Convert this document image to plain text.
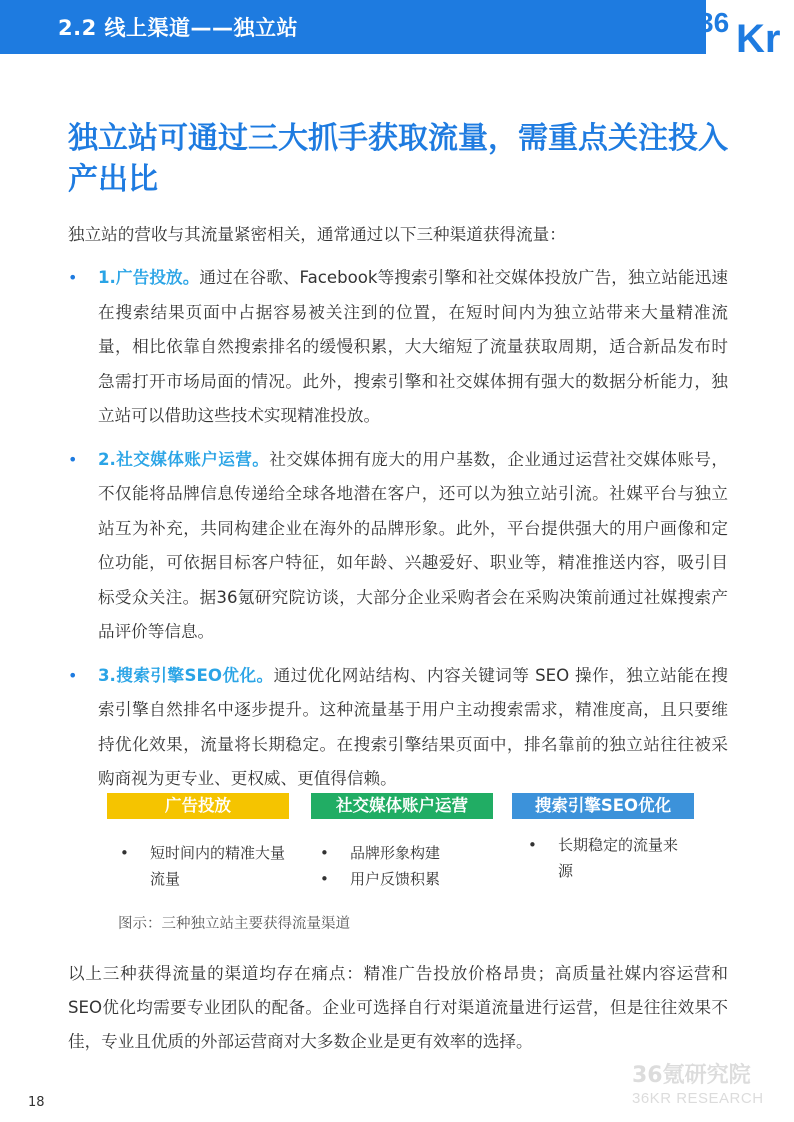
2.2 线上渠道——独立站	36 Kr
独立站可通过三大抓手获取流量，需重点关注投入产出比

独立站的营收与其流量紧密相关，通常通过以下三种渠道获得流量：

• 1.广告投放。通过在谷歌、Facebook等搜索引擎和社交媒体投放广告，独立站能迅速在搜索结果页面中占据容易被关注到的位置，在短时间内为独立站带来大量精准流量，相比依靠自然搜索排名的缓慢积累，大大缩短了流量获取周期，适合新品发布时急需打开市场局面的情况。此外，搜索引擎和社交媒体拥有强大的数据分析能力，独立站可以借助这些技术实现精准投放。
• 2.社交媒体账户运营。社交媒体拥有庞大的用户基数，企业通过运营社交媒体账号，不仅能将品牌信息传递给全球各地潜在客户，还可以为独立站引流。社媒平台与独立站互为补充，共同构建企业在海外的品牌形象。此外，平台提供强大的用户画像和定位功能，可依据目标客户特征，如年龄、兴趣爱好、职业等，精准推送内容，吸引目标受众关注。据36氪研究院访谈，大部分企业采购者会在采购决策前通过社媒搜索产品评价等信息。
• 3.搜索引擎SEO优化。通过优化网站结构、内容关键词等 SEO 操作，独立站能在搜索引擎自然排名中逐步提升。这种流量基于用户主动搜索需求，精准度高，且只要维持优化效果，流量将长期稳定。在搜索引擎结果页面中，排名靠前的独立站往往被采购商视为更专业、更权威、更值得信赖。
广告投放	社交媒体账户运营	搜索引擎SEO优化
• 短时间内的精准大量流量
• 品牌形象构建
• 用户反馈积累
• 长期稳定的流量来源
图示：三种独立站主要获得流量渠道

以上三种获得流量的渠道均存在痛点：精准广告投放价格昂贵；高质量社媒内容运营和SEO优化均需要专业团队的配备。企业可选择自行对渠道流量进行运营，但是往往效果不佳，专业且优质的外部运营商对大多数企业是更有效率的选择。

18
36氪研究院
36KR RESEARCH
